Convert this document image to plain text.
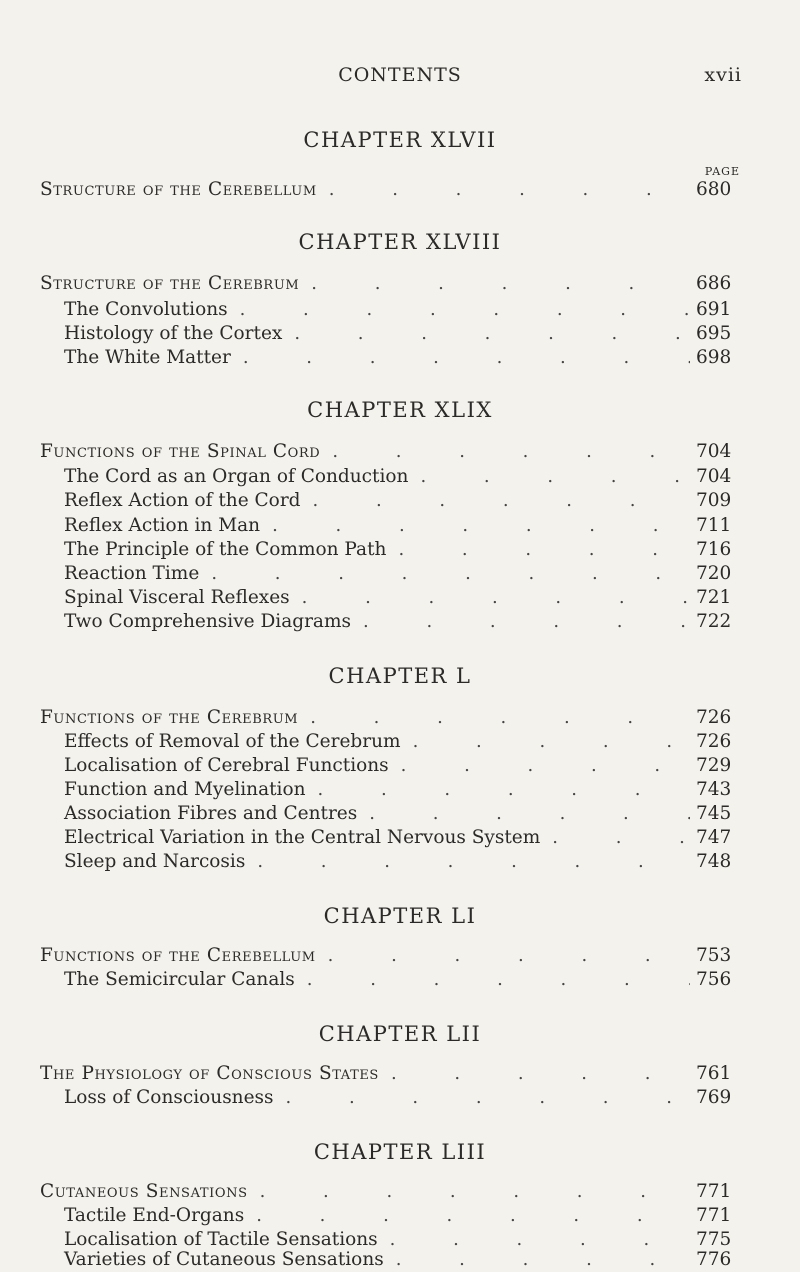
CONTENTS	xvii
CHAPTER XLVII
PAGE
Structure of the Cerebellum . . .	680
CHAPTER XLVIII
Structure of the Cerebrum . . .	686
The Convolutions . . .	691
Histology of the Cortex . . .	695
The White Matter . . .	698
CHAPTER XLIX
Functions of the Spinal Cord . . .	704
The Cord as an Organ of Conduction . . .	704
Reflex Action of the Cord . . .	709
Reflex Action in Man . . .	711
The Principle of the Common Path . . .	716
Reaction Time . . .	720
Spinal Visceral Reflexes . . .	721
Two Comprehensive Diagrams . . .	722
CHAPTER L
Functions of the Cerebrum . . .	726
Effects of Removal of the Cerebrum . . .	726
Localisation of Cerebral Functions . . .	729
Function and Myelination . . .	743
Association Fibres and Centres . . .	745
Electrical Variation in the Central Nervous System . . .	747
Sleep and Narcosis . . .	748
CHAPTER LI
Functions of the Cerebellum . . .	753
The Semicircular Canals . . .	756
CHAPTER LII
The Physiology of Conscious States . . .	761
Loss of Consciousness . . .	769
CHAPTER LIII
Cutaneous Sensations . . .	771
Tactile End-Organs . . .	771
Localisation of Tactile Sensations . . .	775
Varieties of Cutaneous Sensations . . .	776
